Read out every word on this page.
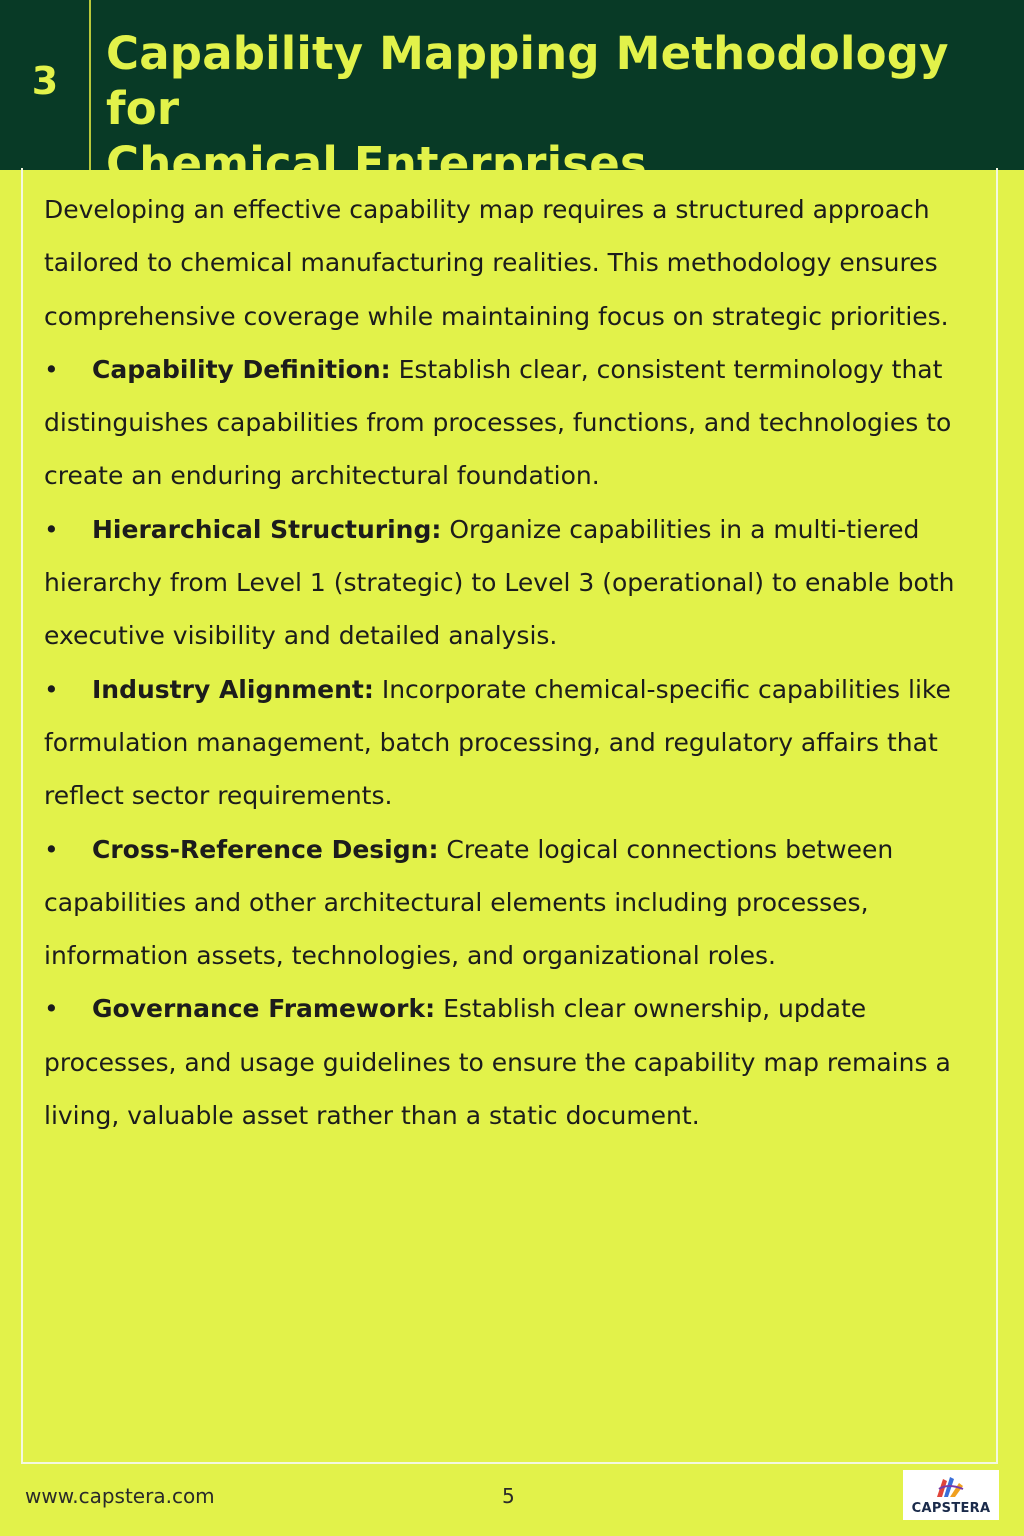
3
Capability Mapping Methodology for
Chemical Enterprises

Developing an effective capability map requires a structured approach tailored to chemical manufacturing realities. This methodology ensures comprehensive coverage while maintaining focus on strategic priorities.

• Capability Definition: Establish clear, consistent terminology that distinguishes capabilities from processes, functions, and technologies to create an enduring architectural foundation.

• Hierarchical Structuring: Organize capabilities in a multi-tiered hierarchy from Level 1 (strategic) to Level 3 (operational) to enable both executive visibility and detailed analysis.

• Industry Alignment: Incorporate chemical-specific capabilities like formulation management, batch processing, and regulatory affairs that reflect sector requirements.

• Cross-Reference Design: Create logical connections between capabilities and other architectural elements including processes, information assets, technologies, and organizational roles.

• Governance Framework: Establish clear ownership, update processes, and usage guidelines to ensure the capability map remains a living, valuable asset rather than a static document.

www.capstera.com	5
CAPSTERA
